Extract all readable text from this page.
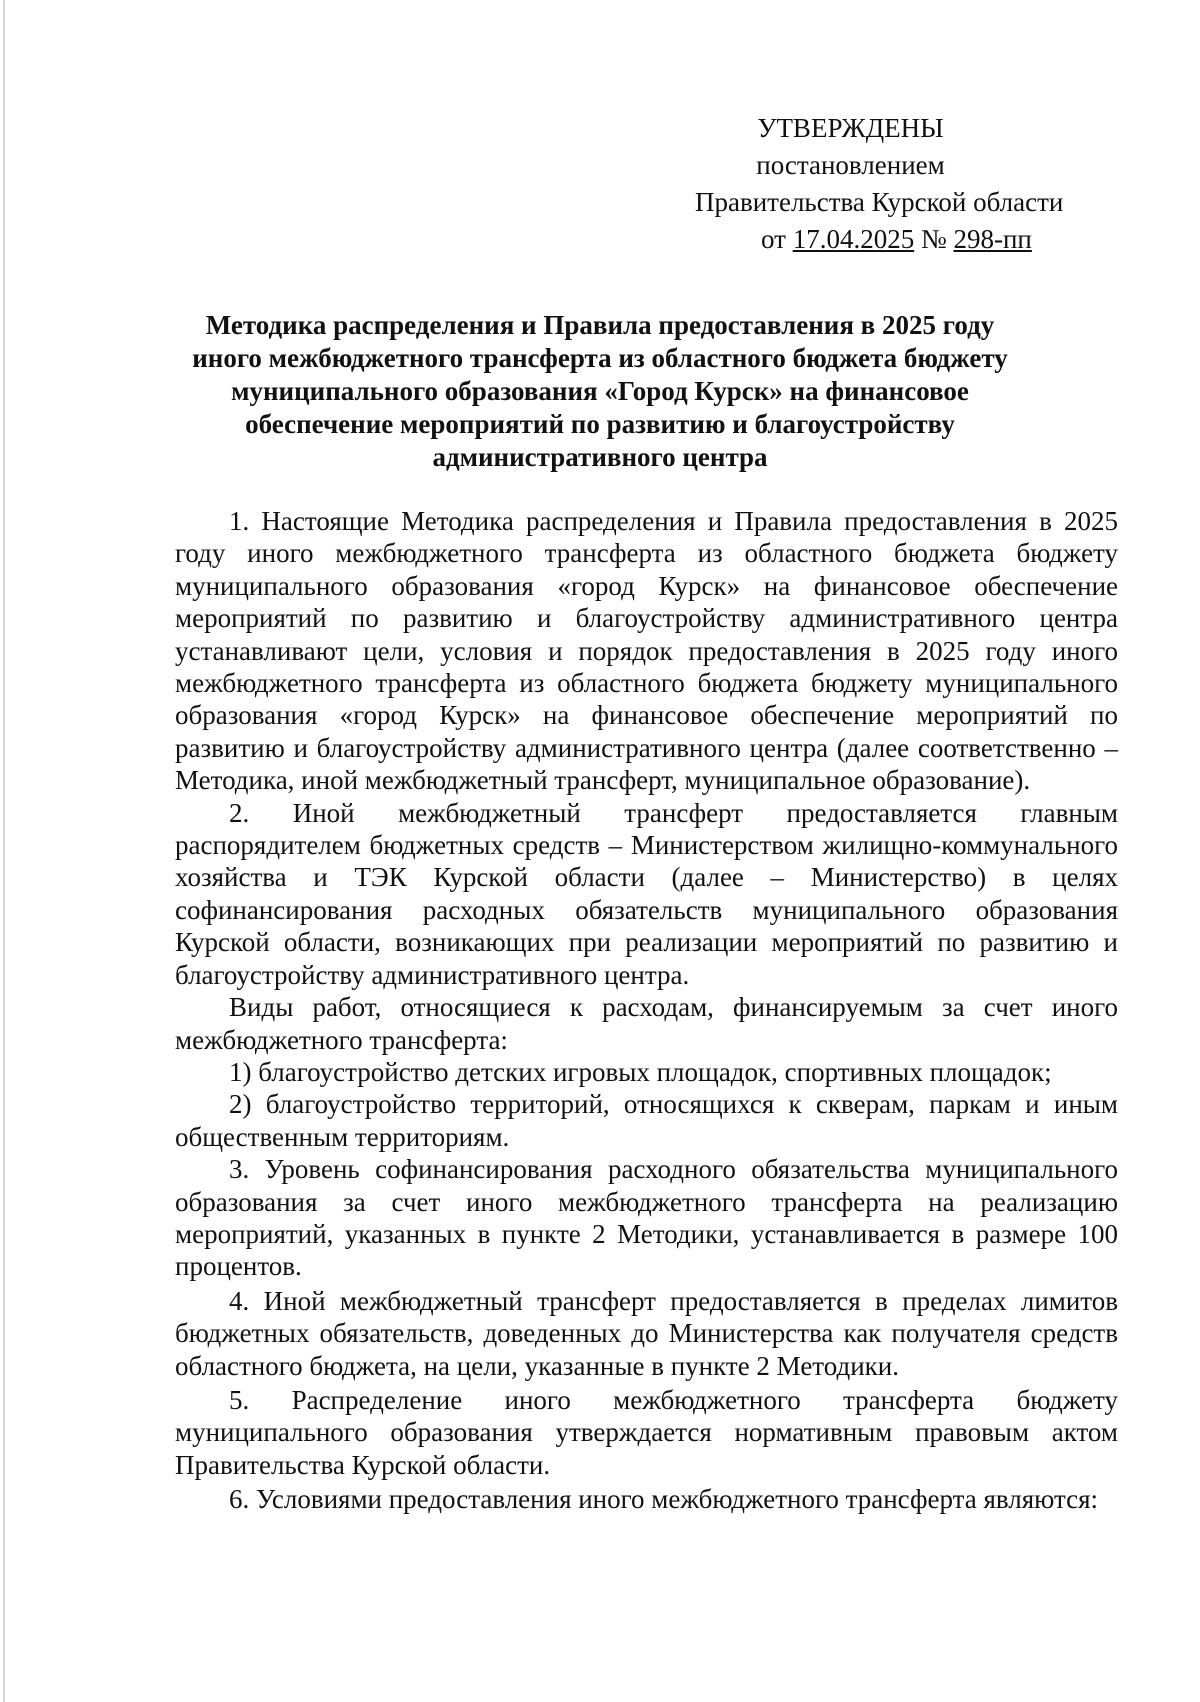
УТВЕРЖДЕНЫ
постановлением
Правительства Курской области
от 17.04.2025 № 298-пп
Методика распределения и Правила предоставления в 2025 году
иного межбюджетного трансферта из областного бюджета бюджету
муниципального образования «Город Курск» на финансовое
обеспечение мероприятий по развитию и благоустройству
административного центра

1. Настоящие Методика распределения и Правила предоставления в 2025 году иного межбюджетного трансферта из областного бюджета бюджету муниципального образования «город Курск» на финансовое обеспечение мероприятий по развитию и благоустройству административного центра устанавливают цели, условия и порядок предоставления в 2025 году иного межбюджетного трансферта из областного бюджета бюджету муниципального образования «город Курск» на финансовое обеспечение мероприятий по развитию и благоустройству административного центра (далее соответственно – Методика, иной межбюджетный трансферт, муниципальное образование).

2. Иной межбюджетный трансферт предоставляется главным распорядителем бюджетных средств – Министерством жилищно-коммунального хозяйства и ТЭК Курской области (далее – Министерство) в целях софинансирования расходных обязательств муниципального образования Курской области, возникающих при реализации мероприятий по развитию и благоустройству административного центра.

Виды работ, относящиеся к расходам, финансируемым за счет иного межбюджетного трансферта:

1) благоустройство детских игровых площадок, спортивных площадок;

2) благоустройство территорий, относящихся к скверам, паркам и иным общественным территориям.

3. Уровень софинансирования расходного обязательства муниципального образования за счет иного межбюджетного трансферта на реализацию мероприятий, указанных в пункте 2 Методики, устанавливается в размере 100 процентов.

4. Иной межбюджетный трансферт предоставляется в пределах лимитов бюджетных обязательств, доведенных до Министерства как получателя средств областного бюджета, на цели, указанные в пункте 2 Методики.

5. Распределение иного межбюджетного трансферта бюджету муниципального образования утверждается нормативным правовым актом Правительства Курской области.

6. Условиями предоставления иного межбюджетного трансферта являются:
